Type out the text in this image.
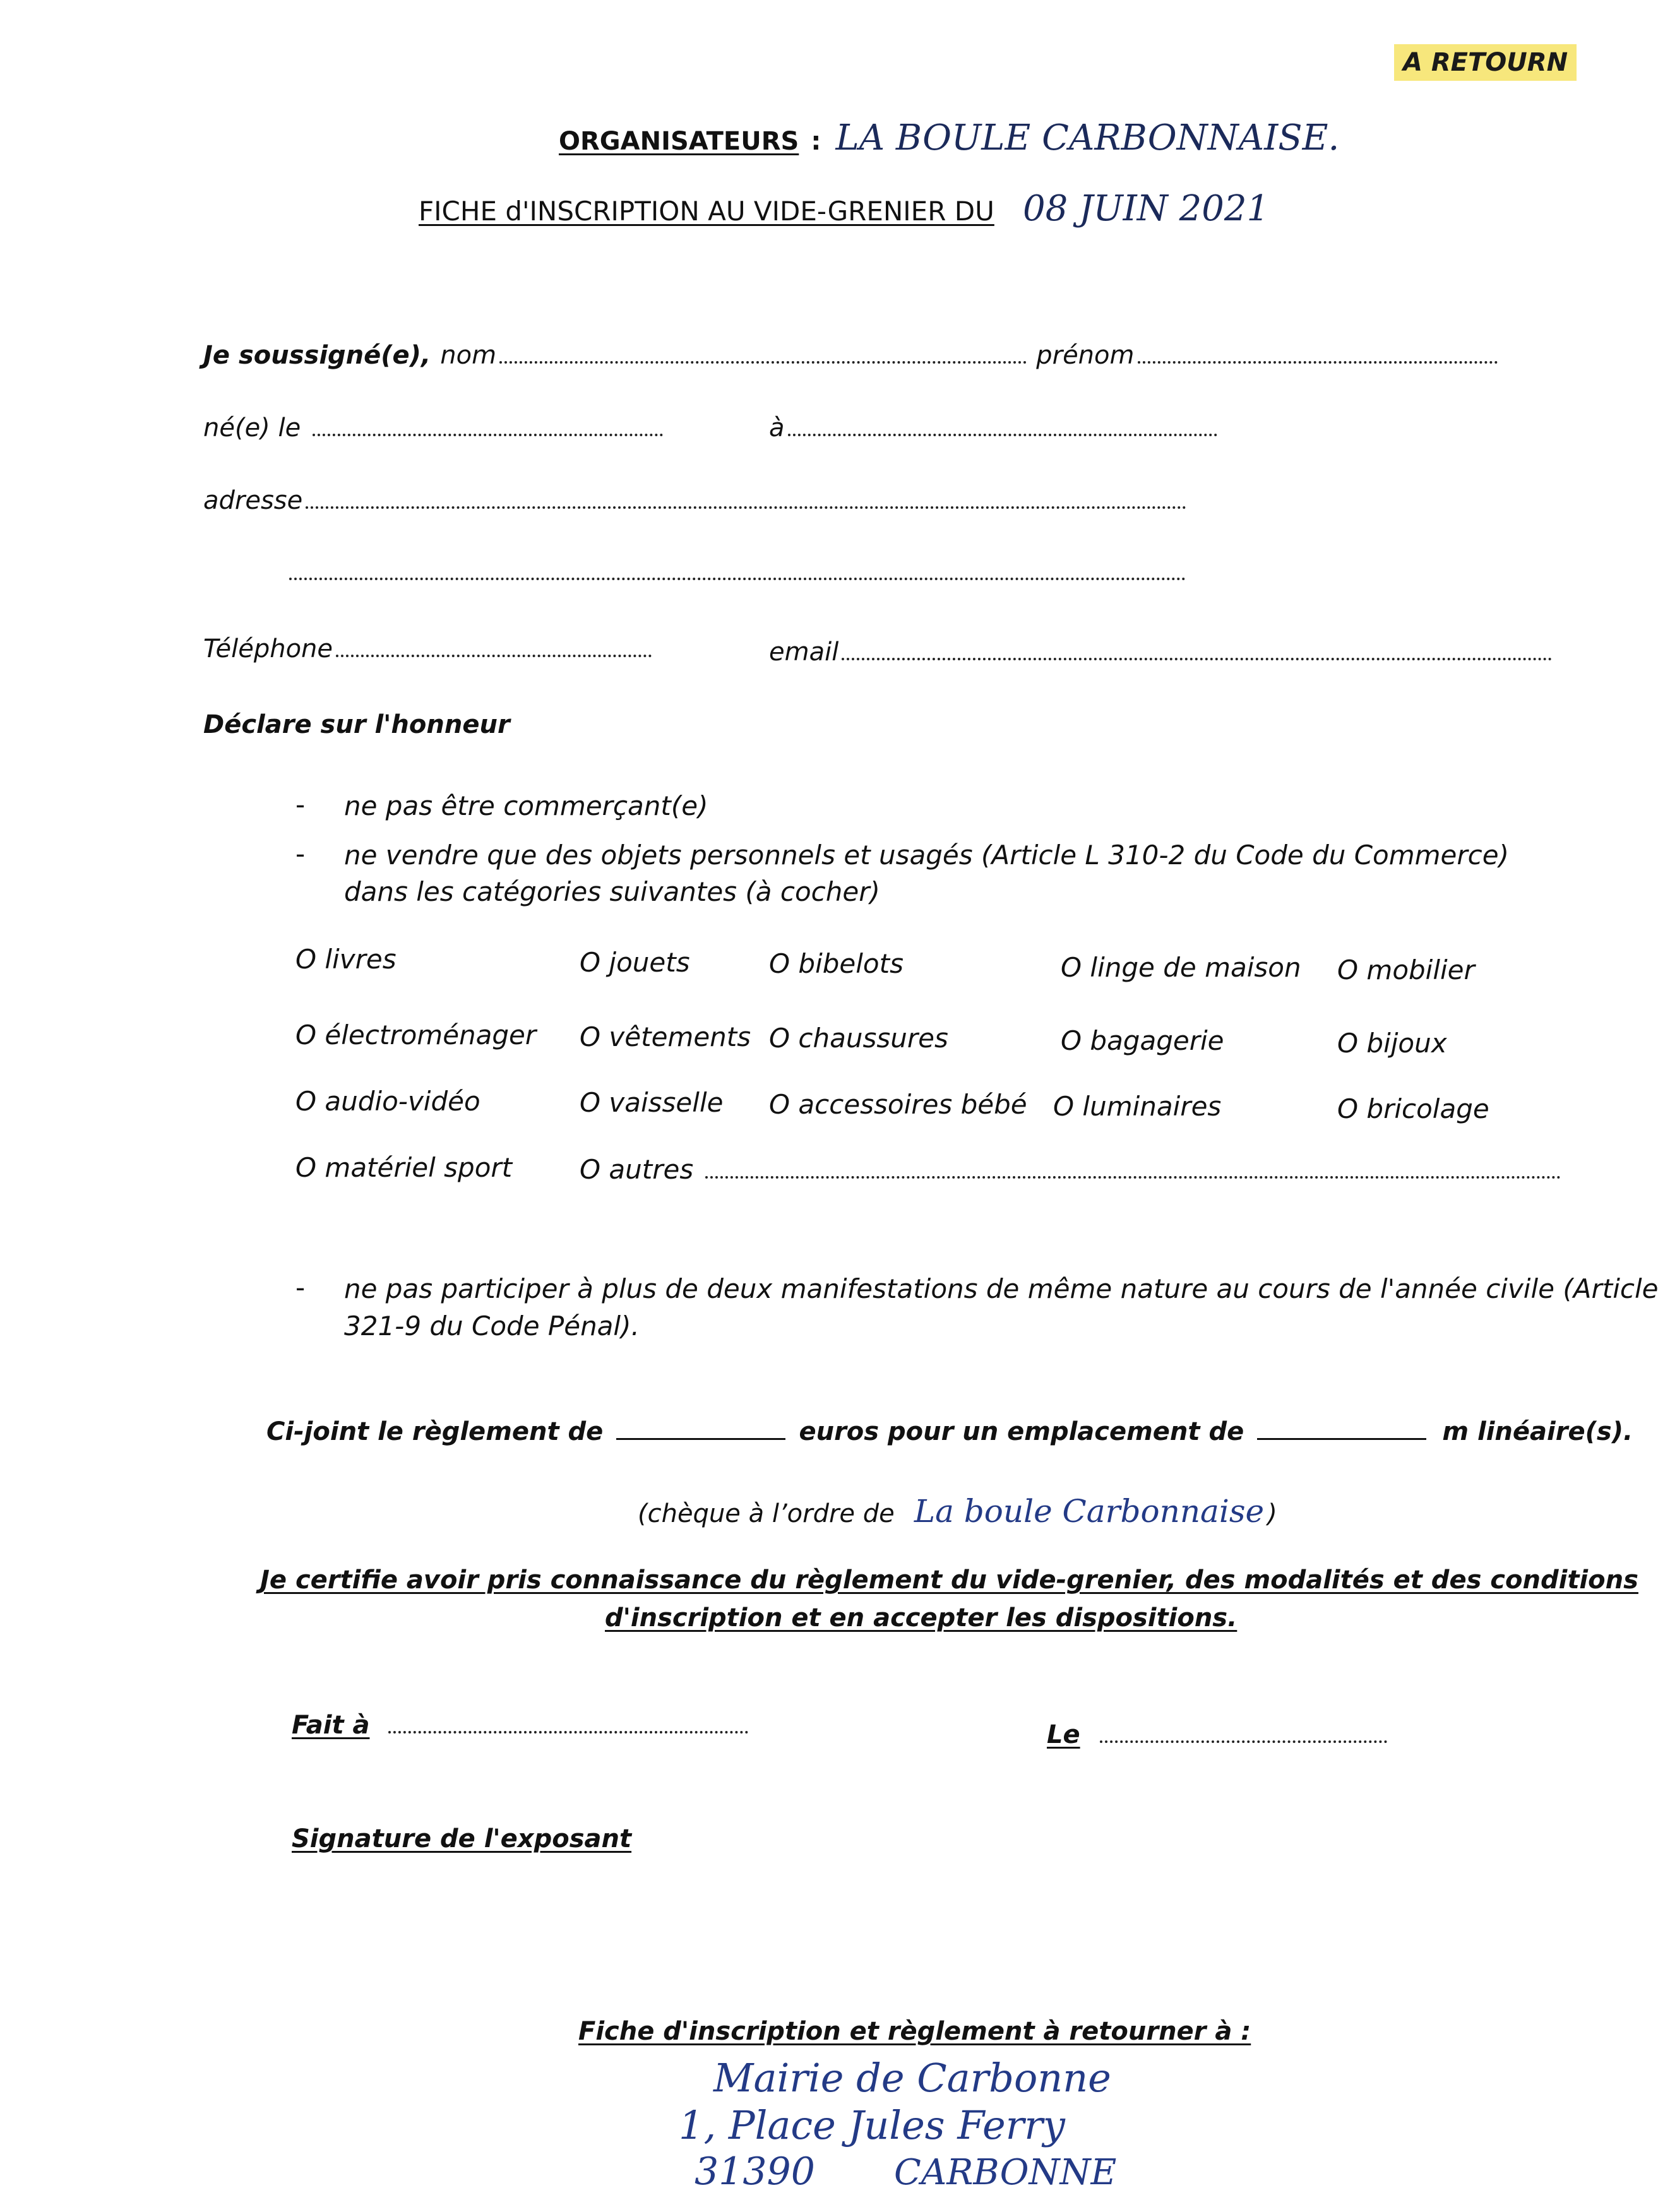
A RETOURN
ORGANISATEURS : LA BOULE CARBONNAISE.
FICHE d'INSCRIPTION AU VIDE-GRENIER DU 08 JUIN 2021
Je soussigné(e), nom	prénom
né(e) le	à
adresse
Téléphone	email
Déclare sur l'honneur
- ne pas être commerçant(e)
- ne vendre que des objets personnels et usagés (Article L 310-2 du Code du Commerce)
dans les catégories suivantes (à cocher)
O livres	O jouets	O bibelots	O linge de maison O mobilier
O électroménager O vêtements O chaussures	O bagagerie	O bijoux
O audio-vidéo	O vaisselle O accessoires bébé O luminaires	O bricolage
O matériel sport	O autres
- ne pas participer à plus de deux manifestations de même nature au cours de l'année civile (Article
321-9 du Code Pénal).
Ci-joint le règlement de	euros pour un emplacement de	m linéaire(s).
(chèque à l’ordre de La boule Carbonnaise )
Je certifie avoir pris connaissance du règlement du vide-grenier, des modalités et des conditions
d'inscription et en accepter les dispositions.
Fait à	Le
Signature de l'exposant
Fiche d'inscription et règlement à retourner à :
Mairie de Carbonne
1, Place Jules Ferry
31390 CARBONNE
